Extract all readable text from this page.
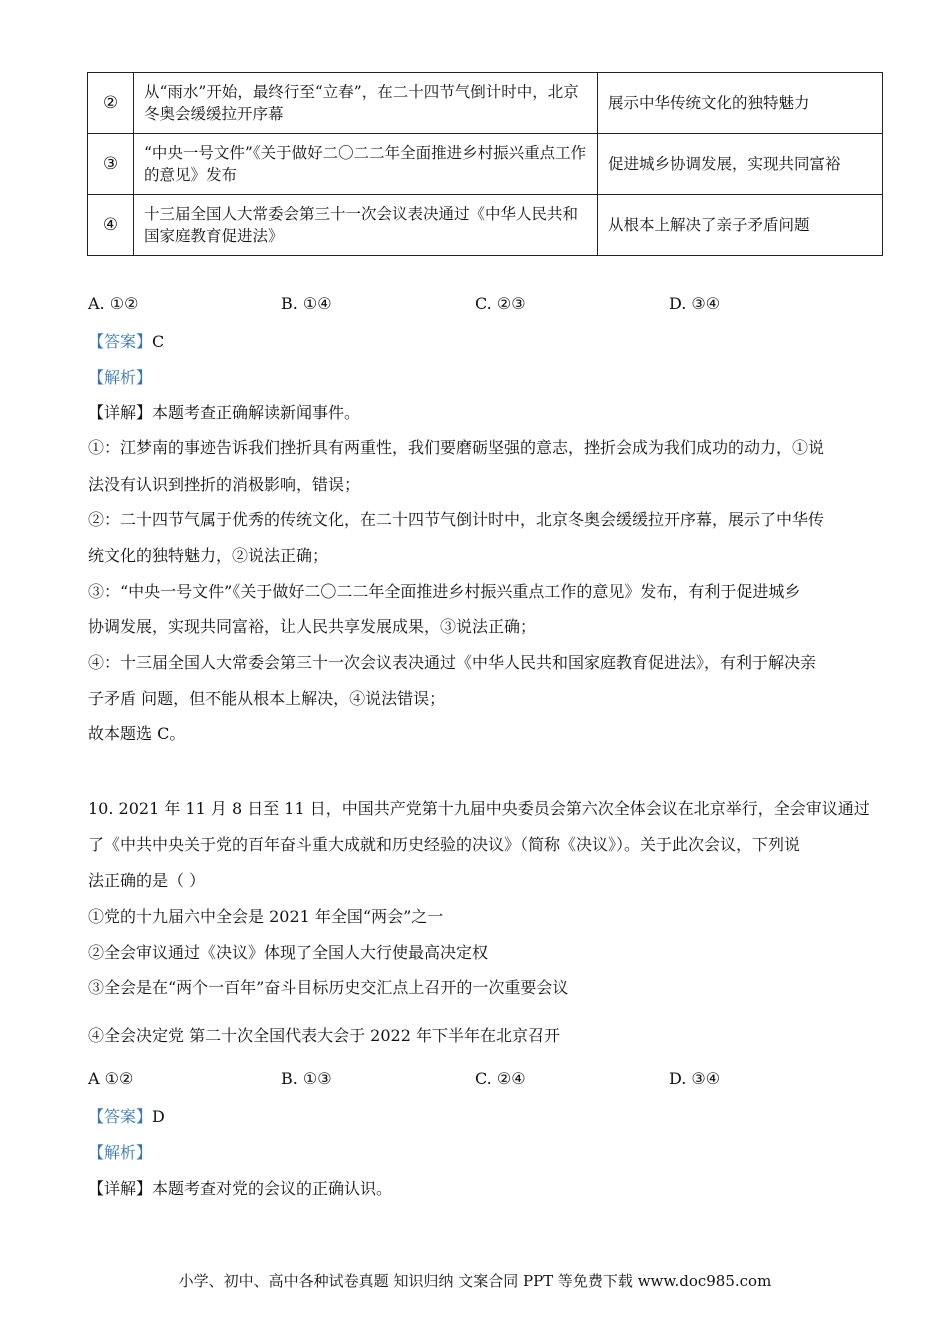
②	从“雨水”开始，最终行至“立春”，在二十四节气倒计时中，北京冬奥会缓缓拉开序幕	展示中华传统文化的独特魅力
③	“中央一号文件”《关于做好二〇二二年全面推进乡村振兴重点工作的意见》发布	促进城乡协调发展，实现共同富裕
④	十三届全国人大常委会第三十一次会议表决通过《中华人民共和国家庭教育促进法》	从根本上解决了亲子矛盾问题
A. ①②	B. ①④	C. ②③	D. ③④
【答案】C
【解析】
【详解】本题考查正确解读新闻事件。
①：江梦南的事迹告诉我们挫折具有两重性，我们要磨砺坚强的意志，挫折会成为我们成功的动力，①说
法没有认识到挫折的消极影响，错误；
②：二十四节气属于优秀的传统文化，在二十四节气倒计时中，北京冬奥会缓缓拉开序幕，展示了中华传
统文化的独特魅力，②说法正确；
③：“中央一号文件”《关于做好二〇二二年全面推进乡村振兴重点工作的意见》发布，有利于促进城乡
协调发展，实现共同富裕，让人民共享发展成果，③说法正确；
④：十三届全国人大常委会第三十一次会议表决通过《中华人民共和国家庭教育促进法》，有利于解决亲
子矛盾 问题，但不能从根本上解决，④说法错误；
故本题选 C。
10. 2021 年 11 月 8 日至 11 日，中国共产党第十九届中央委员会第六次全体会议在北京举行，全会审议通过
了《中共中央关于党的百年奋斗重大成就和历史经验的决议》（简称《决议》）。关于此次会议，下列说
法正确的是（ ）
①党的十九届六中全会是 2021 年全国“两会”之一
②全会审议通过《决议》体现了全国人大行使最高决定权
③全会是在“两个一百年”奋斗目标历史交汇点上召开的一次重要会议
④全会决定党 第二十次全国代表大会于 2022 年下半年在北京召开
A ①②	B. ①③	C. ②④	D. ③④
【答案】D
【解析】
【详解】本题考查对党的会议的正确认识。
小学、初中、高中各种试卷真题 知识归纳 文案合同 PPT 等免费下载 www.doc985.com
